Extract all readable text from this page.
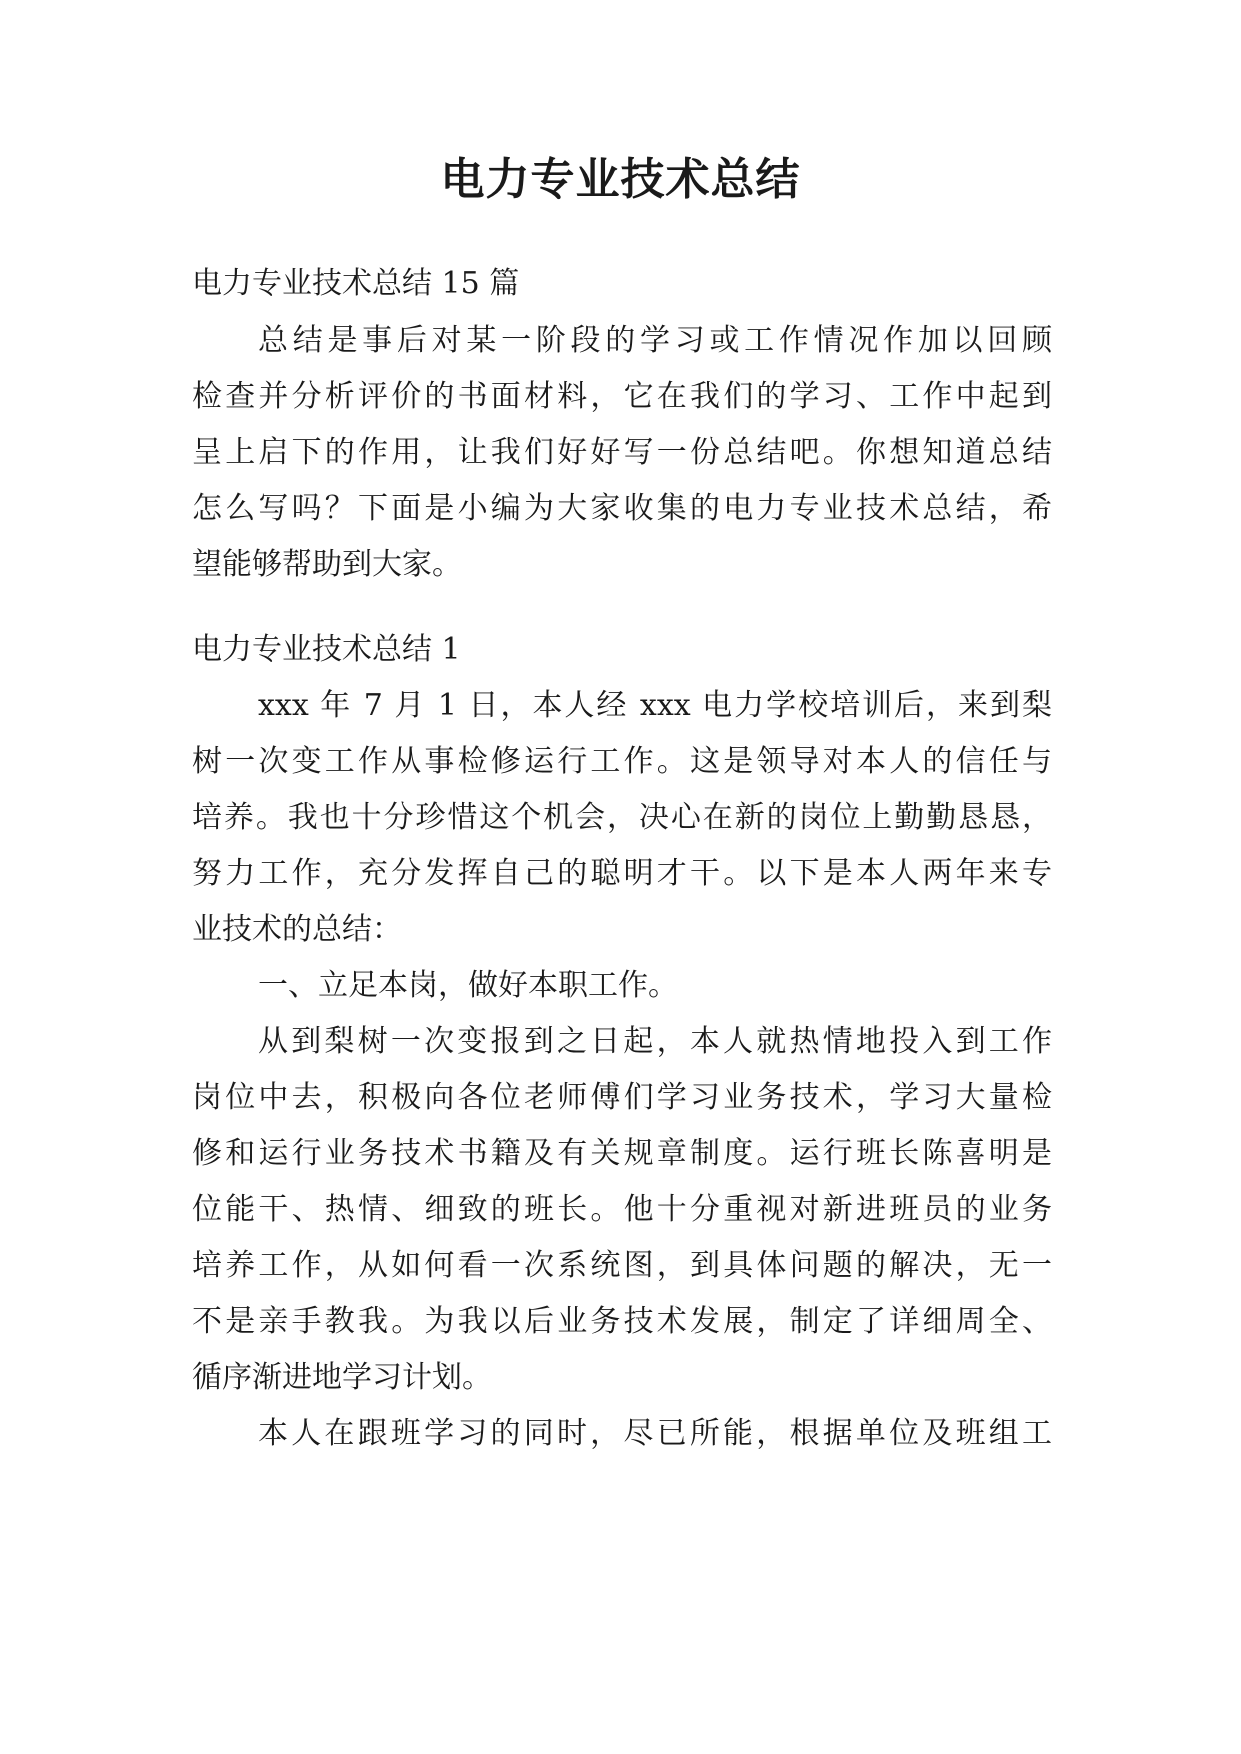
电力专业技术总结

电力专业技术总结 15 篇

总结是事后对某一阶段的学习或工作情况作加以回顾

检查并分析评价的书面材料，它在我们的学习、工作中起到

呈上启下的作用，让我们好好写一份总结吧。你想知道总结

怎么写吗？下面是小编为大家收集的电力专业技术总结，希

望能够帮助到大家。

电力专业技术总结 1

xxx 年 7 月 1 日，本人经 xxx 电力学校培训后，来到梨

树一次变工作从事检修运行工作。这是领导对本人的信任与

培养。我也十分珍惜这个机会，决心在新的岗位上勤勤恳恳，

努力工作，充分发挥自己的聪明才干。以下是本人两年来专

业技术的总结：

一、立足本岗，做好本职工作。

从到梨树一次变报到之日起，本人就热情地投入到工作

岗位中去，积极向各位老师傅们学习业务技术，学习大量检

修和运行业务技术书籍及有关规章制度。运行班长陈喜明是

位能干、热情、细致的班长。他十分重视对新进班员的业务

培养工作，从如何看一次系统图，到具体问题的解决，无一

不是亲手教我。为我以后业务技术发展，制定了详细周全、

循序渐进地学习计划。

本人在跟班学习的同时，尽已所能，根据单位及班组工
